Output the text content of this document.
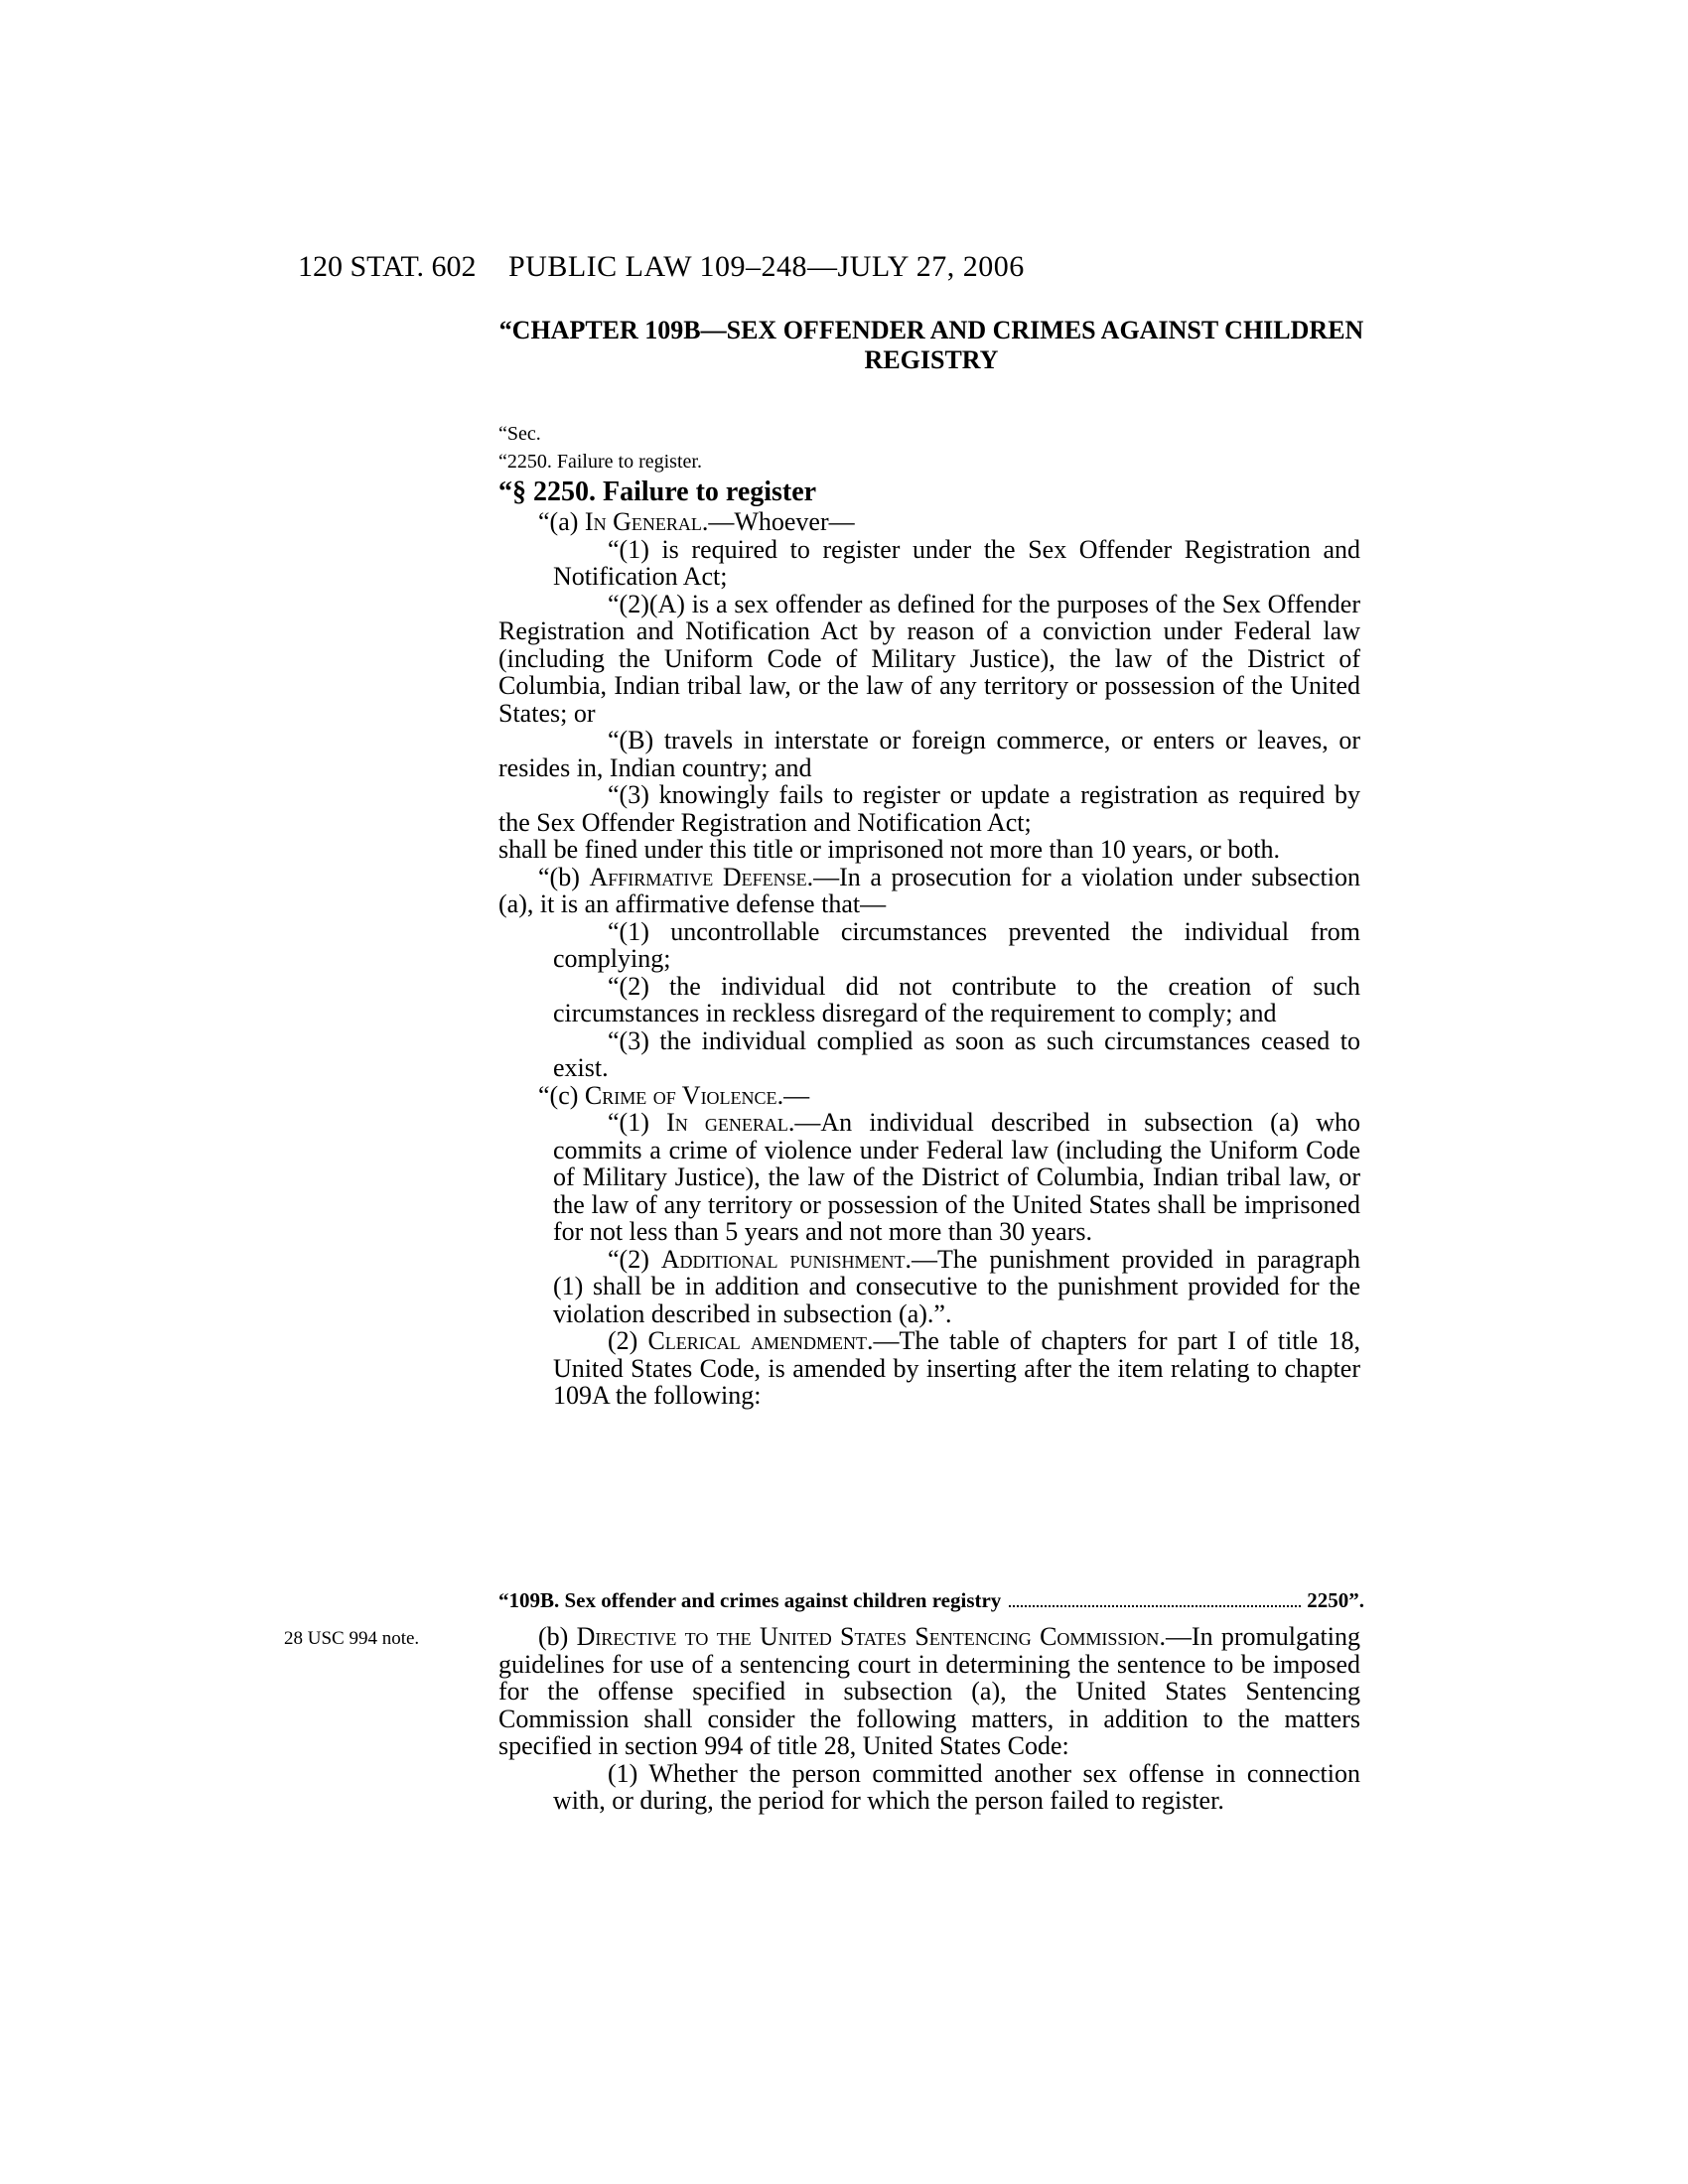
120 STAT. 602 PUBLIC LAW 109–248—JULY 27, 2006
“CHAPTER 109B—SEX OFFENDER AND CRIMES AGAINST CHILDREN REGISTRY
“Sec.
“2250. Failure to register.
“§ 2250. Failure to register

“(a) In General.—Whoever—

“(1) is required to register under the Sex Offender Registration and Notification Act;

“(2)(A) is a sex offender as defined for the purposes of the Sex Offender Registration and Notification Act by reason of a conviction under Federal law (including the Uniform Code of Military Justice), the law of the District of Columbia, Indian tribal law, or the law of any territory or possession of the United States; or

“(B) travels in interstate or foreign commerce, or enters or leaves, or resides in, Indian country; and

“(3) knowingly fails to register or update a registration as required by the Sex Offender Registration and Notification Act;

shall be fined under this title or imprisoned not more than 10 years, or both.

“(b) Affirmative Defense.—In a prosecution for a violation under subsection (a), it is an affirmative defense that—

“(1) uncontrollable circumstances prevented the individual from complying;

“(2) the individual did not contribute to the creation of such circumstances in reckless disregard of the requirement to comply; and

“(3) the individual complied as soon as such circumstances ceased to exist.

“(c) Crime of Violence.—

“(1) In general.—An individual described in subsection (a) who commits a crime of violence under Federal law (including the Uniform Code of Military Justice), the law of the District of Columbia, Indian tribal law, or the law of any territory or possession of the United States shall be imprisoned for not less than 5 years and not more than 30 years.

“(2) Additional punishment.—The punishment provided in paragraph (1) shall be in addition and consecutive to the punishment provided for the violation described in subsection (a).”.

(2) Clerical amendment.—The table of chapters for part I of title 18, United States Code, is amended by inserting after the item relating to chapter 109A the following:

“109B. Sex offender and crimes against children registry	2250”.
28 USC 994 note.	(b) Directive to the United States Sentencing Commission.—In promulgating guidelines for use of a sentencing court in determining the sentence to be imposed for the offense specified in subsection (a), the United States Sentencing Commission shall consider the following matters, in addition to the matters specified in section 994 of title 28, United States Code:

(1) Whether the person committed another sex offense in connection with, or during, the period for which the person failed to register.
